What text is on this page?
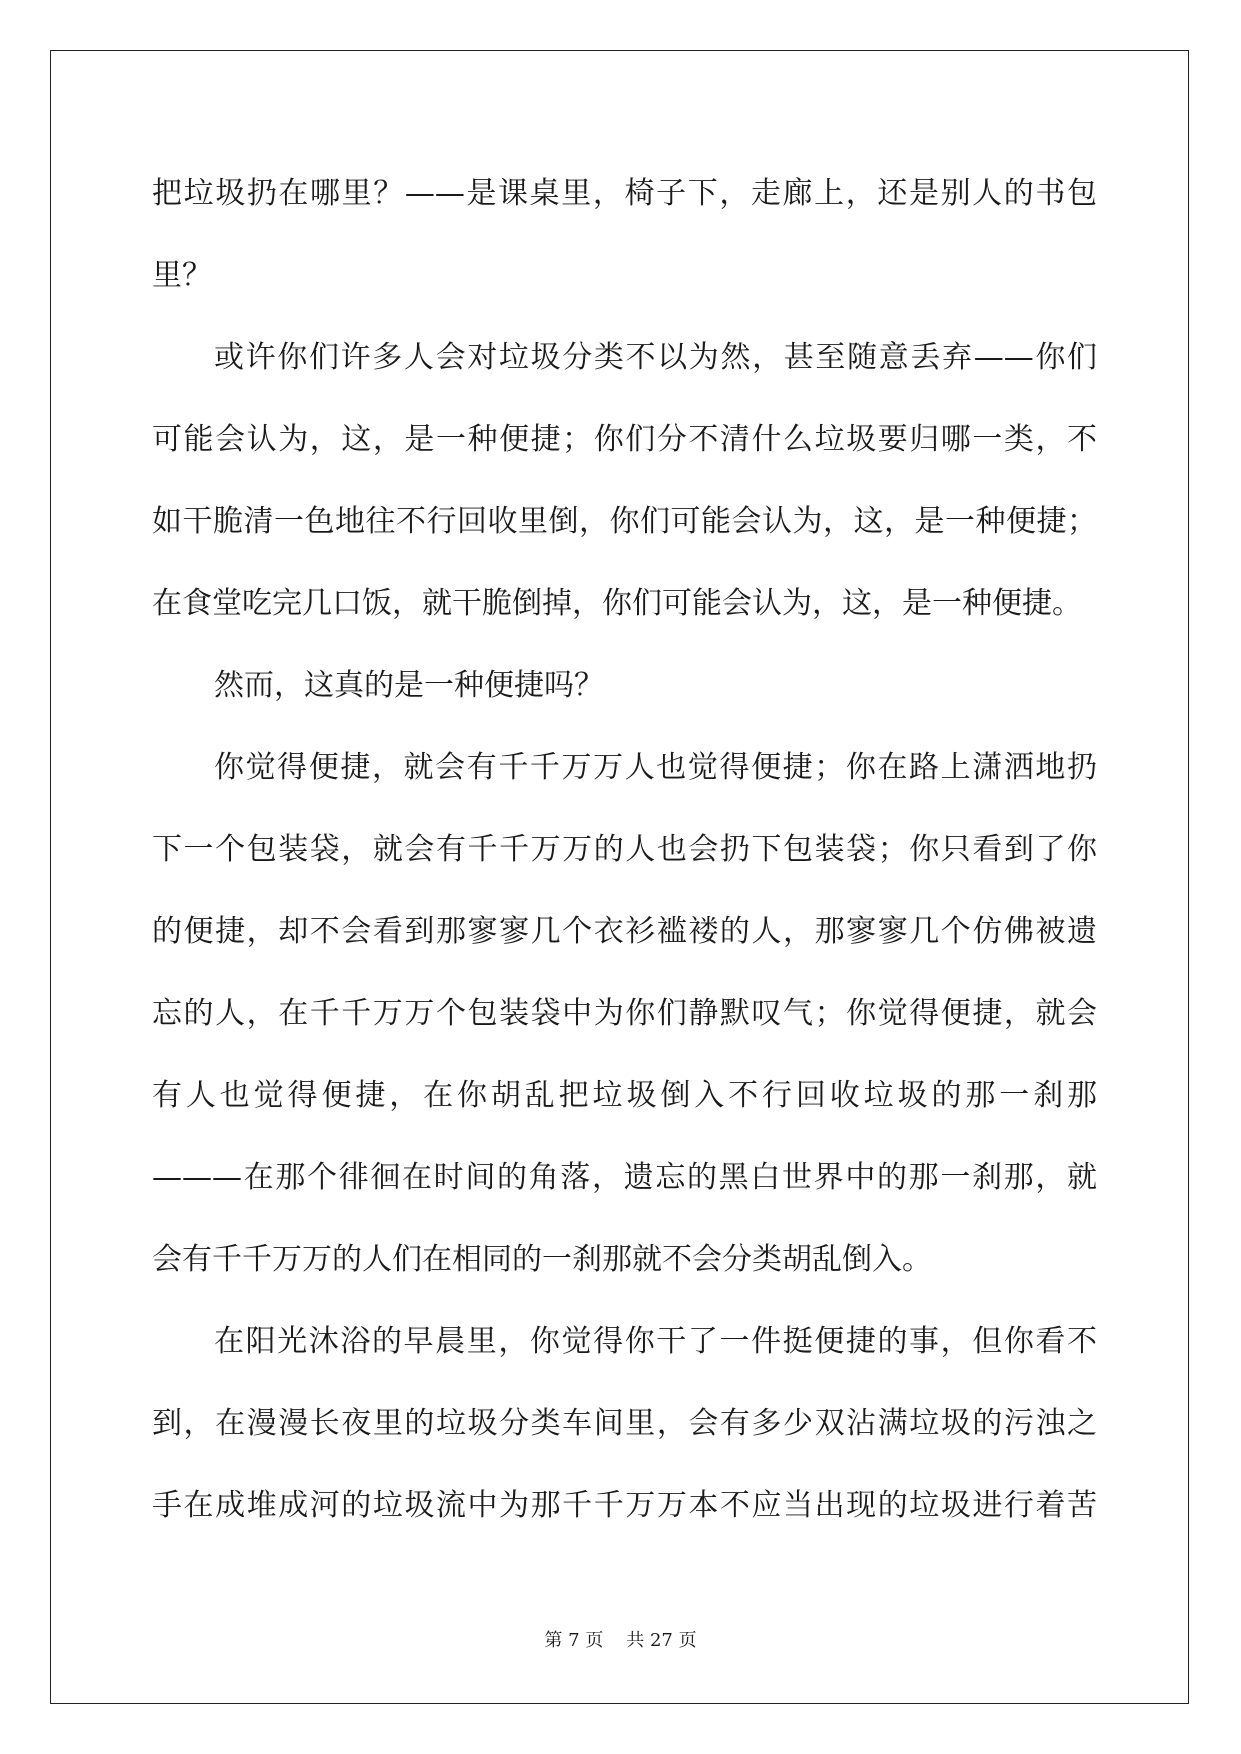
把垃圾扔在哪里？——是课桌里，椅子下，走廊上，还是别人的书包
里？
或许你们许多人会对垃圾分类不以为然，甚至随意丢弃——你们
可能会认为，这，是一种便捷；你们分不清什么垃圾要归哪一类，不
如干脆清一色地往不行回收里倒，你们可能会认为，这，是一种便捷；
在食堂吃完几口饭，就干脆倒掉，你们可能会认为，这，是一种便捷。
然而，这真的是一种便捷吗？
你觉得便捷，就会有千千万万人也觉得便捷；你在路上潇洒地扔
下一个包装袋，就会有千千万万的人也会扔下包装袋；你只看到了你
的便捷，却不会看到那寥寥几个衣衫褴褛的人，那寥寥几个仿佛被遗
忘的人，在千千万万个包装袋中为你们静默叹气；你觉得便捷，就会
有人也觉得便捷，在你胡乱把垃圾倒入不行回收垃圾的那一刹那
———在那个徘徊在时间的角落，遗忘的黑白世界中的那一刹那，就
会有千千万万的人们在相同的一刹那就不会分类胡乱倒入。
在阳光沐浴的早晨里，你觉得你干了一件挺便捷的事，但你看不
到，在漫漫长夜里的垃圾分类车间里，会有多少双沾满垃圾的污浊之
手在成堆成河的垃圾流中为那千千万万本不应当出现的垃圾进行着苦
第 7 页 共 27 页
